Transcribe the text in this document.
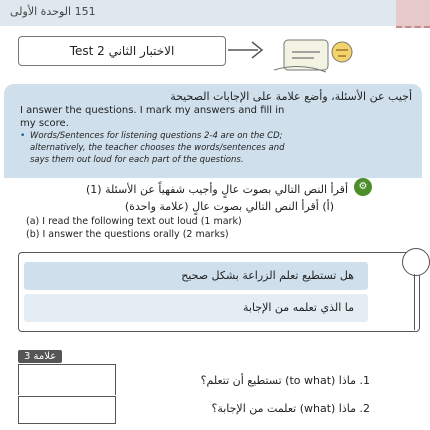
151 الوحدة الأولى
Test 2 الاختبار الثاني
أجيب عن الأسئلة، وأضع علامة على الإجابات الصحيحة
I answer the questions. I mark my answers and fill in
my score.
• Words/Sentences for listening questions 2-4 are on the CD;
alternatively, the teacher chooses the words/sentences and
says them out loud for each part of the questions.
أقرأ النص التالي بصوت عالٍ وأجيب شفهياً عن الأسئلة (1)	⚙
(أ) أقرأ النص التالي بصوت عالٍ (علامة واحدة)
(a) I read the following text out loud (1 mark)
(b) I answer the questions orally (2 marks)
هل تستطيع تعلم الزراعة بشكل صحيح
ما الذي تعلمه من الإجابة
علامة 3
1. ماذا (to what) تستطيع أن تتعلم؟
2. ماذا (what) تعلمت من الإجابة؟
